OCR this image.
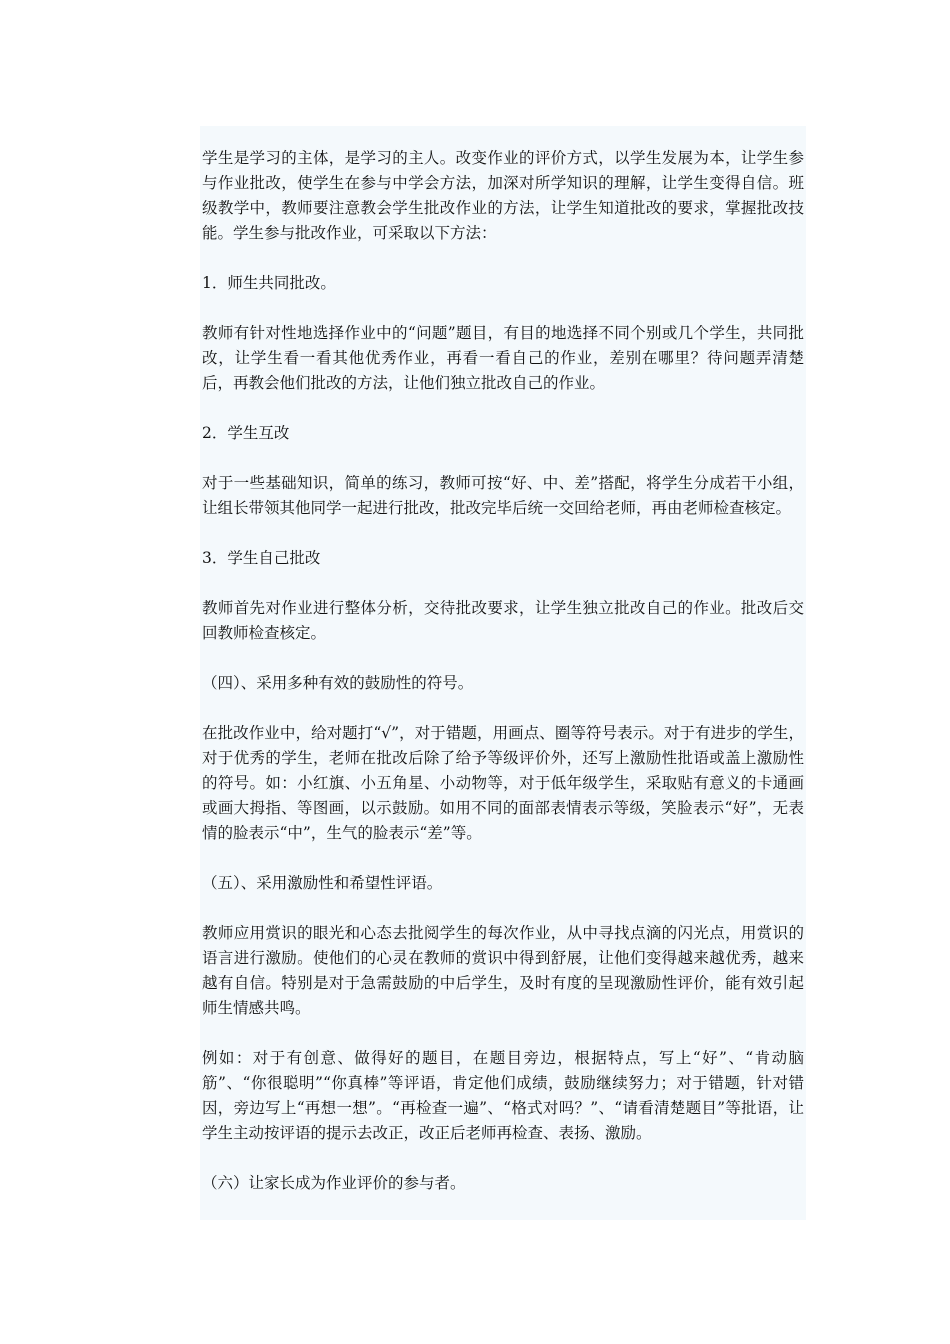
学生是学习的主体，是学习的主人。改变作业的评价方式，以学生发展为本，让学生参与作业批改，使学生在参与中学会方法，加深对所学知识的理解，让学生变得自信。班级教学中，教师要注意教会学生批改作业的方法，让学生知道批改的要求，掌握批改技能。学生参与批改作业，可采取以下方法：

1．师生共同批改。

教师有针对性地选择作业中的“问题”题目，有目的地选择不同个别或几个学生，共同批改，让学生看一看其他优秀作业，再看一看自己的作业，差别在哪里？待问题弄清楚后，再教会他们批改的方法，让他们独立批改自己的作业。

2．学生互改

对于一些基础知识，简单的练习，教师可按“好、中、差”搭配，将学生分成若干小组，让组长带领其他同学一起进行批改，批改完毕后统一交回给老师，再由老师检查核定。

3．学生自己批改

教师首先对作业进行整体分析，交待批改要求，让学生独立批改自己的作业。批改后交回教师检查核定。

（四）、采用多种有效的鼓励性的符号。

在批改作业中，给对题打“√”，对于错题，用画点、圈等符号表示。对于有进步的学生，对于优秀的学生，老师在批改后除了给予等级评价外，还写上激励性批语或盖上激励性的符号。如：小红旗、小五角星、小动物等，对于低年级学生，采取贴有意义的卡通画或画大拇指、等图画，以示鼓励。如用不同的面部表情表示等级，笑脸表示“好”，无表情的脸表示“中”，生气的脸表示“差”等。

（五）、采用激励性和希望性评语。

教师应用赏识的眼光和心态去批阅学生的每次作业，从中寻找点滴的闪光点，用赏识的语言进行激励。使他们的心灵在教师的赏识中得到舒展，让他们变得越来越优秀，越来越有自信。特别是对于急需鼓励的中后学生，及时有度的呈现激励性评价，能有效引起师生情感共鸣。

例如：对于有创意、做得好的题目，在题目旁边，根据特点，写上“好”、“肯动脑筋”、“你很聪明”“你真棒”等评语，肯定他们成绩，鼓励继续努力；对于错题，针对错因，旁边写上“再想一想”。“再检查一遍”、“格式对吗？”、“请看清楚题目”等批语，让学生主动按评语的提示去改正，改正后老师再检查、表扬、激励。

（六）让家长成为作业评价的参与者。
